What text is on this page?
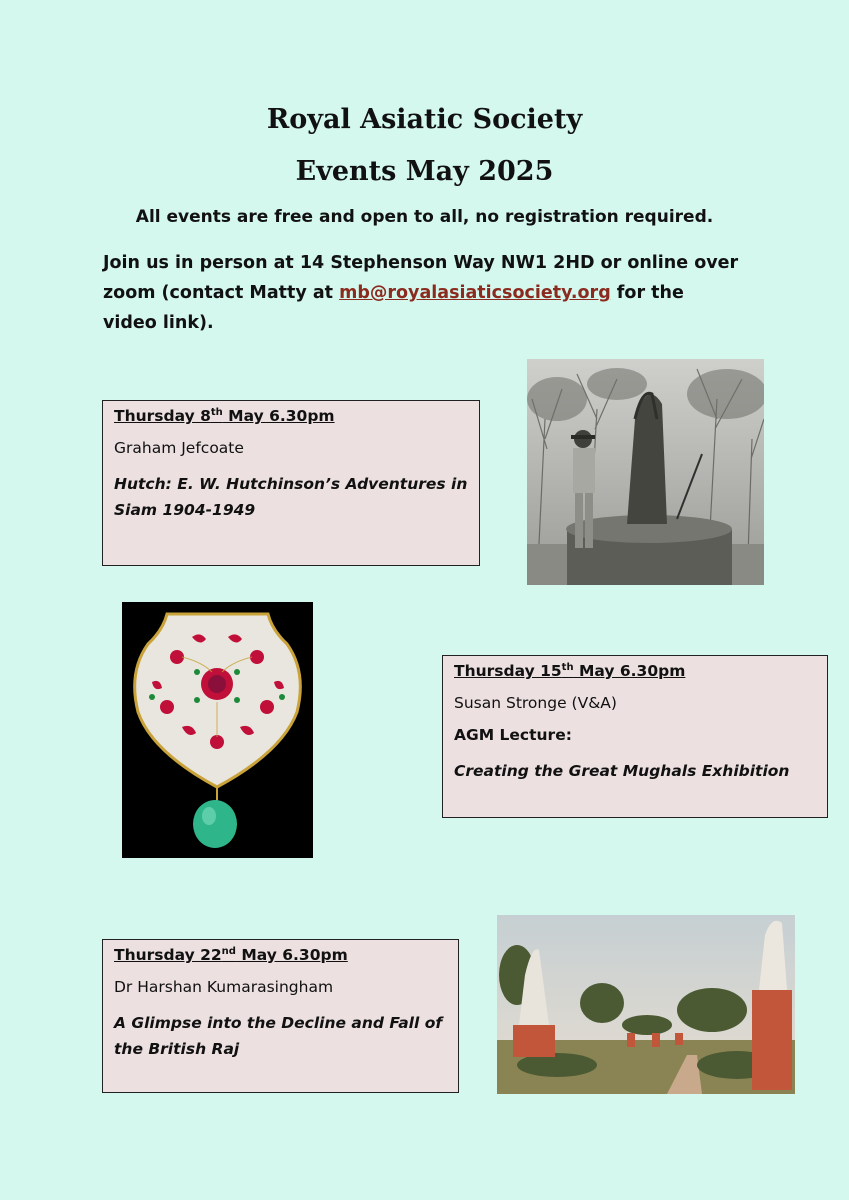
Royal Asiatic Society
Events May 2025
All events are free and open to all, no registration required.
Join us in person at 14 Stephenson Way NW1 2HD or online over zoom (contact Matty at mb@royalasiaticsociety.org for the video link).
Thursday 8th May 6.30pm
Graham Jefcoate
Hutch: E. W. Hutchinson’s Adventures in Siam 1904-1949
Thursday 15th May 6.30pm
Susan Stronge (V&A)
AGM Lecture:
Creating the Great Mughals Exhibition
Thursday 22nd May 6.30pm
Dr Harshan Kumarasingham
A Glimpse into the Decline and Fall of the British Raj
